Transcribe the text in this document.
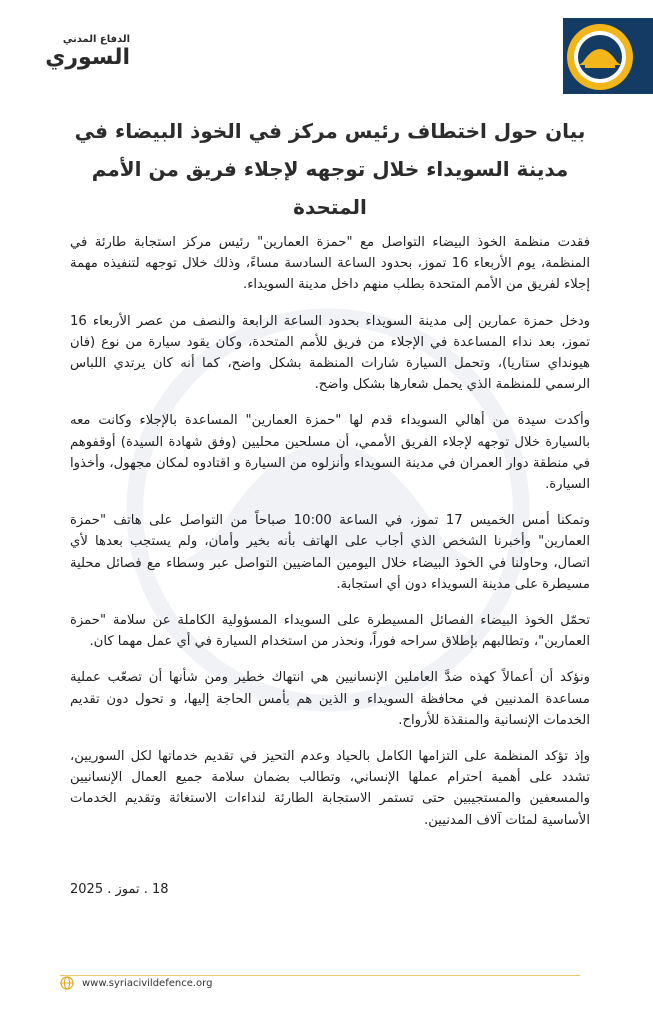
الدفاع المدني
السوري
بيان حول اختطاف رئيس مركز في الخوذ البيضاء في مدينة السويداء خلال توجهه لإجلاء فريق من الأمم المتحدة

فقدت منظمة الخوذ البيضاء التواصل مع "حمزة العمارين" رئيس مركز استجابة طارئة في المنظمة، يوم الأربعاء 16 تموز، بحدود الساعة السادسة مساءً، وذلك خلال توجهه لتنفيذه مهمة إجلاء لفريق من الأمم المتحدة بطلب منهم داخل مدينة السويداء.

ودخل حمزة عمارين إلى مدينة السويداء بحدود الساعة الرابعة والنصف من عصر الأربعاء 16 تموز، بعد نداء المساعدة في الإجلاء من فريق للأمم المتحدة، وكان يقود سيارة من نوع (فان هيونداي ستاريا)، وتحمل السيارة شارات المنظمة بشكل واضح، كما أنه كان يرتدي اللباس الرسمي للمنظمة الذي يحمل شعارها بشكل واضح.

وأكدت سيدة من أهالي السويداء قدم لها "حمزة العمارين" المساعدة بالإجلاء وكانت معه بالسيارة خلال توجهه لإجلاء الفريق الأممي، أن مسلحين محليين (وفق شهادة السيدة) أوقفوهم في منطقة دوار العمران في مدينة السويداء وأنزلوه من السيارة و اقتادوه لمكان مجهول، وأخذوا السيارة.

وتمكنا أمس الخميس 17 تموز، في الساعة 10:00 صباحاً من التواصل على هاتف "حمزة العمارين" وأخبرنا الشخص الذي أجاب على الهاتف بأنه بخير وأمان، ولم يستجب بعدها لأي اتصال، وحاولنا في الخوذ البيضاء خلال اليومين الماضيين التواصل عبر وسطاء مع فصائل محلية مسيطرة على مدينة السويداء دون أي استجابة.

تحمّل الخوذ البيضاء الفصائل المسيطرة على السويداء المسؤولية الكاملة عن سلامة "حمزة العمارين"، وتطالبهم بإطلاق سراحه فوراً، ونحذر من استخدام السيارة في أي عمل مهما كان.

ونؤكد أن أعمالاً كهذه ضدَّ العاملين الإنسانيين هي انتهاك خطير ومن شأنها أن تصعّب عملية مساعدة المدنيين في محافظة السويداء و الذين هم بأمس الحاجة إليها، و تحول دون تقديم الخدمات الإنسانية والمنقذة للأرواح.

وإذ تؤكد المنظمة على التزامها الكامل بالحياد وعدم التحيز في تقديم خدماتها لكل السوريين، تشدد على أهمية احترام عملها الإنساني، وتطالب بضمان سلامة جميع العمال الإنسانيين والمسعفين والمستجيبين حتى تستمر الاستجابة الطارئة لنداءات الاستغاثة وتقديم الخدمات الأساسية لمئات آلاف المدنيين.

18 . تموز . 2025
www.syriacivildefence.org
